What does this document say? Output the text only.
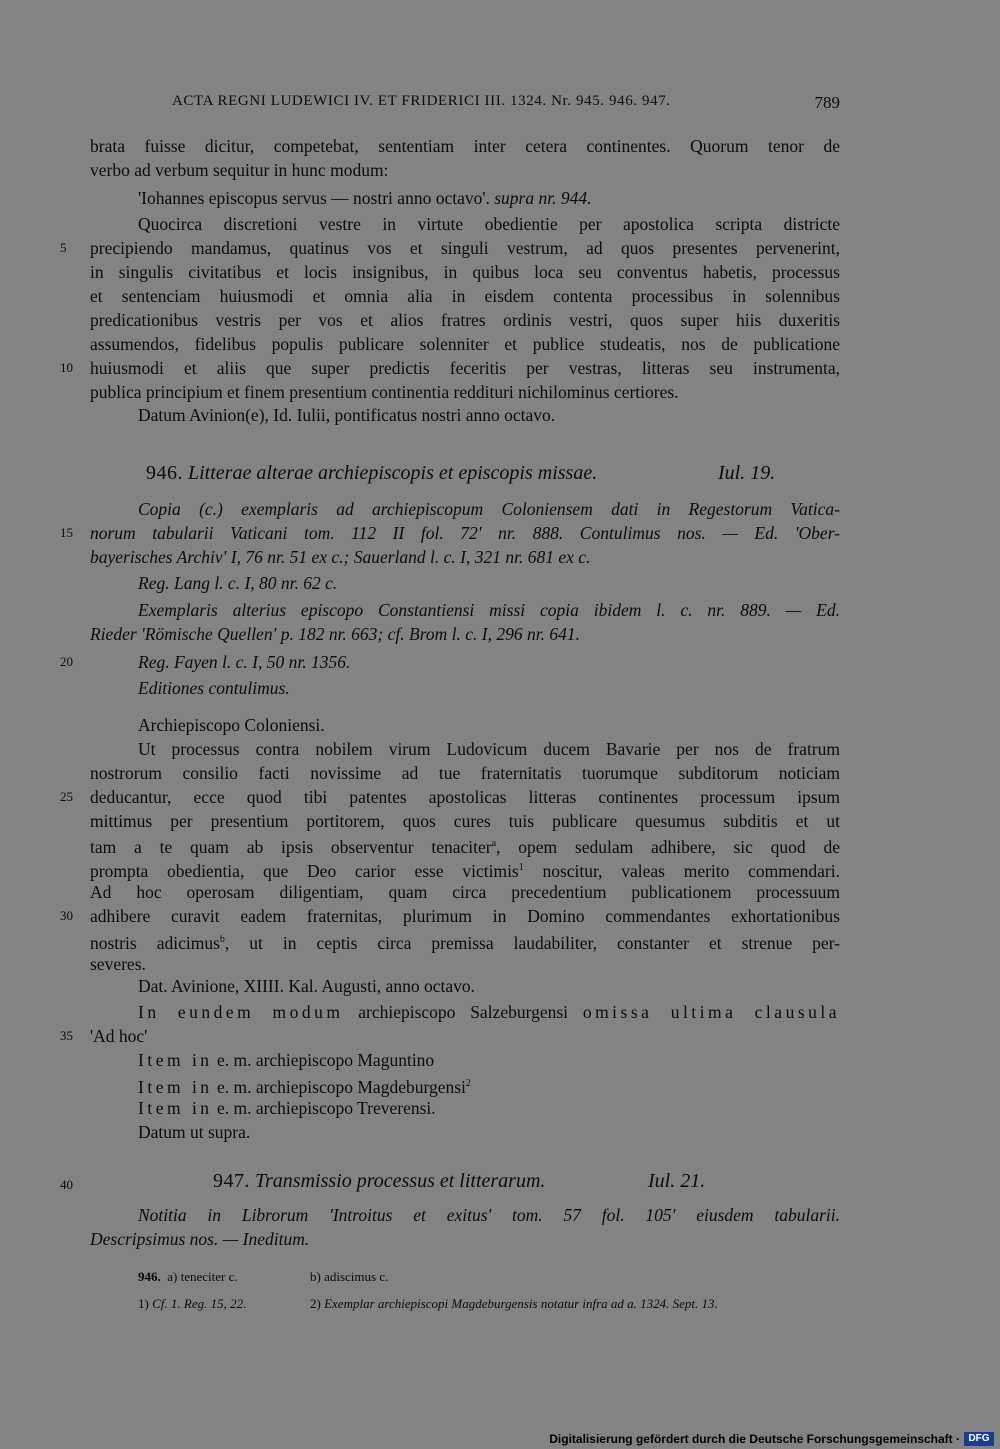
ACTA REGNI LUDEWICI IV. ET FRIDERICI III. 1324. Nr. 945. 946. 947.	789
5
10
15
20
25
30
35
40
brata fuisse dicitur, competebat, sententiam inter cetera continentes. Quorum tenor de
verbo ad verbum sequitur in hunc modum:
'Iohannes episcopus servus — nostri anno octavo'. supra nr. 944.
Quocirca discretioni vestre in virtute obedientie per apostolica scripta districte
precipiendo mandamus, quatinus vos et singuli vestrum, ad quos presentes pervenerint,
in singulis civitatibus et locis insignibus, in quibus loca seu conventus habetis, processus
et sentenciam huiusmodi et omnia alia in eisdem contenta processibus in solennibus
predicationibus vestris per vos et alios fratres ordinis vestri, quos super hiis duxeritis
assumendos, fidelibus populis publicare solenniter et publice studeatis, nos de publicatione
huiusmodi et aliis que super predictis feceritis per vestras, litteras seu instrumenta,
publica principium et finem presentium continentia reddituri nichilominus certiores.
Datum Avinion(e), Id. Iulii, pontificatus nostri anno octavo.
946. Litterae alterae archiepiscopis et episcopis missae.	Iul. 19.
Copia (c.) exemplaris ad archiepiscopum Coloniensem dati in Regestorum Vatica-
norum tabularii Vaticani tom. 112 II fol. 72' nr. 888. Contulimus nos. — Ed. 'Ober-
bayerisches Archiv' I, 76 nr. 51 ex c.; Sauerland l. c. I, 321 nr. 681 ex c.
Reg. Lang l. c. I, 80 nr. 62 c.
Exemplaris alterius episcopo Constantiensi missi copia ibidem l. c. nr. 889. — Ed.
Rieder 'Römische Quellen' p. 182 nr. 663; cf. Brom l. c. I, 296 nr. 641.
Reg. Fayen l. c. I, 50 nr. 1356.
Editiones contulimus.
Archiepiscopo Coloniensi.
Ut processus contra nobilem virum Ludovicum ducem Bavarie per nos de fratrum
nostrorum consilio facti novissime ad tue fraternitatis tuorumque subditorum noticiam
deducantur, ecce quod tibi patentes apostolicas litteras continentes processum ipsum
mittimus per presentium portitorem, quos cures tuis publicare quesumus subditis et ut
tam a te quam ab ipsis observentur tenaciter$^a$, opem sedulam adhibere, sic quod de
prompta obedientia, que Deo carior esse victimis$^1$ noscitur, valeas merito commendari.
Ad hoc operosam diligentiam, quam circa precedentium publicationem processuum
adhibere curavit eadem fraternitas, plurimum in Domino commendantes exhortationibus
nostris adicimus$^b$, ut in ceptis circa premissa laudabiliter, constanter et strenue per-
severes.
Dat. Avinione, XIIII. Kal. Augusti, anno octavo.
In eundem modum archiepiscopo Salzeburgensi omissa ultima clausula
'Ad hoc'
Item in e. m. archiepiscopo Maguntino
Item in e. m. archiepiscopo Magdeburgensi$^2$
Item in e. m. archiepiscopo Treverensi.
Datum ut supra.
947. Transmissio processus et litterarum.	Iul. 21.
Notitia in Librorum 'Introitus et exitus' tom. 57 fol. 105' eiusdem tabularii.
Descripsimus nos. — Ineditum.
946. a) teneciter c.	b) adiscimus c.
1) Cf. 1. Reg. 15, 22.	2) Exemplar archiepiscopi Magdeburgensis notatur infra ad a. 1324. Sept. 13.
Digitalisierung gefördert durch die Deutsche Forschungsgemeinschaft · DFG
